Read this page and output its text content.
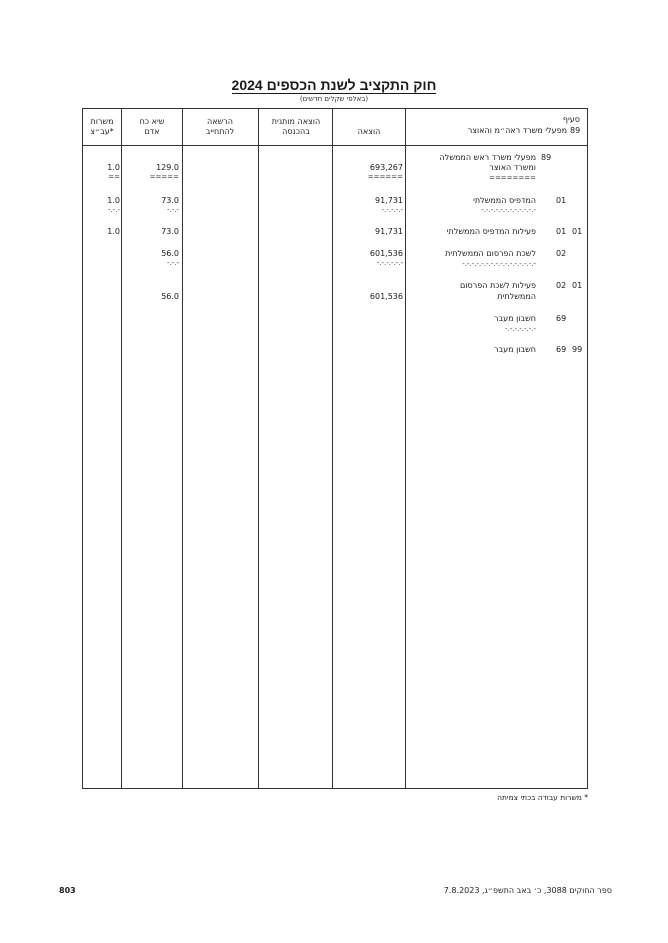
חוק התקציב לשנת הכספים 2024
(באלפי שקלים חדשים)
משרות עב״צ*
שיא כח אדם
הרשאה להתחייב
הוצאה מותנית בהכנסה	הוצאה
סעיף
89
מפעלי משרד ראה״מ והאוצר
89
מפעלי משרד ראש הממשלה
ומשרד האוצר
========
693,267
======
129.0
=====
1.0
==
01
המדפיס הממשלתי
-.-.-.-.-.-.-.-.-.-.-.-
91,731
-.-.-.-.-
73.0
-.-.-
1.0
-.-.-
01 01
פעילות המדפיס הממשלתי
91,731
73.0
1.0
02
לשכת הפרסום הממשלתית
-.-.-.-.-.-.-.-.-.-.-.-.-.-.-.-
601,536
-.-.-.-.-.-
56.0
-.-.-
02 01
פעילות לשכת הפרסום
הממשלתית
601,536
56.0
69
חשבון מעבר
-.-.-.-.-.-.-
69 99
חשבון מעבר
* משרות עבודה בכתי צמיתה
803	ספר החוקים 3088, כ׳ באב התשפ״ג, 7.8.2023
